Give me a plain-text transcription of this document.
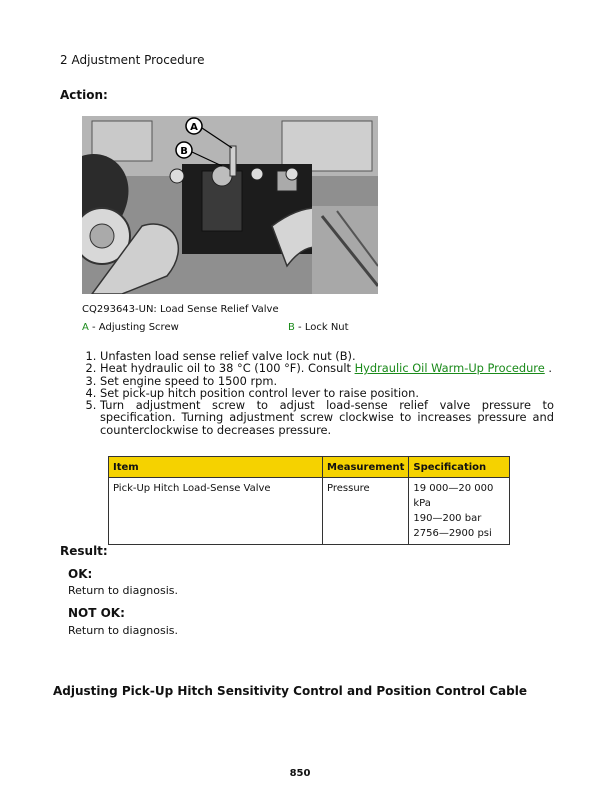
2 Adjustment Procedure
Action:
A
B
CQ293643-UN: Load Sense Relief Valve
A - Adjusting Screw	B - Lock Nut
1. Unfasten load sense relief valve lock nut (B).
2. Heat hydraulic oil to 38 °C (100 °F). Consult Hydraulic Oil Warm-Up Procedure .
3. Set engine speed to 1500 rpm.
4. Set pick-up hitch position control lever to raise position.
5. Turn adjustment screw to adjust load-sense relief valve pressure to specification. Turning adjustment screw clockwise to increases pressure and counterclockwise to decreases pressure.
Item	Measurement	Specification
Pick-Up Hitch Load-Sense Valve	Pressure	19 000—20 000 kPa
190—200 bar
2756—2900 psi
Result:
OK:
Return to diagnosis.
NOT OK:
Return to diagnosis.
Adjusting Pick-Up Hitch Sensitivity Control and Position Control Cable
850
